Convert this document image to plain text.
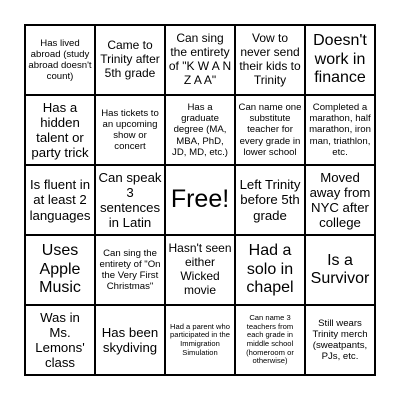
Has lived abroad (study abroad doesn't count)
Came to Trinity after 5th grade
Can sing the entirety of "K W A N Z A A"
Vow to never send their kids to Trinity
Doesn't work in finance
Has a hidden talent or party trick
Has tickets to an upcoming show or concert
Has a graduate degree (MA, MBA, PhD, JD, MD, etc.)
Can name one substitute teacher for every grade in lower school
Completed a marathon, half marathon, iron man, triathlon, etc.
Is fluent in at least 2 languages
Can speak 3 sentences in Latin
Free!
Left Trinity before 5th grade
Moved away from NYC after college
Uses Apple Music
Can sing the entirety of "On the Very First Christmas"
Hasn't seen either Wicked movie
Had a solo in chapel
Is a Survivor
Was in Ms. Lemons' class
Has been skydiving
Had a parent who participated in the Immigration Simulation
Can name 3 teachers from each grade in middle school (homeroom or otherwise)
Still wears Trinity merch (sweatpants, PJs, etc.
